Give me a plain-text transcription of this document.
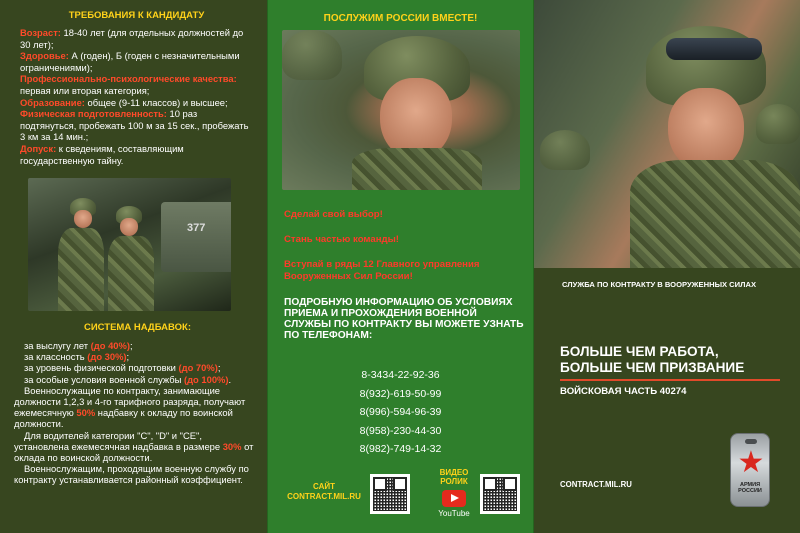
ТРЕБОВАНИЯ К КАНДИДАТУ

Возраст: 18-40 лет (для отдельных должностей до 30 лет);

Здоровье: А (годен), Б (годен с незначительными ограничениями);

Профессионально-психологические качества: первая или вторая категория;

Образование: общее (9-11 классов) и высшее;

Физическая подготовленность: 10 раз подтянуться, пробежать 100 м за 15 сек., пробежать 3 км за 14 мин.;

Допуск: к сведениям, составляющим государственную тайну.

377
СИСТЕМА НАДБАВОК:

за выслугу лет (до 40%);

за классность (до 30%);

за уровень физической подготовки (до 70%);

за особые условия военной службы (до 100%).

Военнослужащие по контракту, занимающие должности 1,2,3 и 4-го тарифного разряда, получают ежемесячную 50% надбавку к окладу по воинской должности.

Для водителей категории "С", "D" и "СЕ", установлена ежемесячная надбавка в размере 30% от оклада по воинской должности.

Военнослужащим, проходящим военную службу по контракту устанавливается районный коэффициент.

ПОСЛУЖИМ РОССИИ ВМЕСТЕ!
Сделай свой выбор!
Стань частью команды!
Вступай в ряды 12 Главного управления Вооруженных Сил России!
ПОДРОБНУЮ ИНФОРМАЦИЮ ОБ УСЛОВИЯХ ПРИЕМА И ПРОХОЖДЕНИЯ ВОЕННОЙ СЛУЖБЫ ПО КОНТРАКТУ ВЫ МОЖЕТЕ УЗНАТЬ ПО ТЕЛЕФОНАМ:
8-3434-22-92-36
8(932)-619-50-99
8(996)-594-96-39
8(958)-230-44-30
8(982)-749-14-32
САЙТ
CONTRACT.MIL.RU
ВИДЕО
РОЛИК
YouTube
СЛУЖБА ПО КОНТРАКТУ В ВООРУЖЕННЫХ СИЛАХ
БОЛЬШЕ ЧЕМ РАБОТА,
БОЛЬШЕ ЧЕМ ПРИЗВАНИЕ
ВОЙСКОВАЯ ЧАСТЬ 40274
CONTRACT.MIL.RU
★
АРМИЯ
РОССИИ
